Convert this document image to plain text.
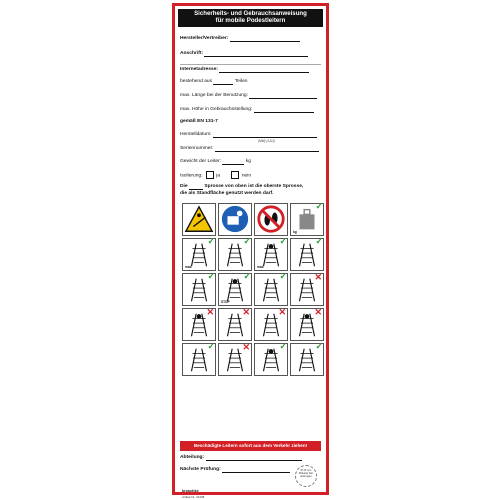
Sicherheits- und Gebrauchsanweisung
für mobile Podestleitern
Hersteller/Vertreiber:
Anschrift:
Internetadresse:
bestehend aus	Teilen
max. Länge bei der Benutzung:
max. Höhe in Gebrauchsstellung:
gemäß EN 131-7
Herstelldatum:
(MM) (JJJJ)
Seriennummer:
Gewicht der Leiter:	kg
Isolierung:	ja	nein
Die	Sprosse von oben ist die oberste Sprosse,
die als Standfläche genutzt werden darf.
kg
✓
max.
✓	✓
max.
✓	✓
✓
STOP
✓	✓	✕
✕	✕	✕	✕
✓	✕	✓	✓
Beschädigte Leitern sofort aus dem Verkehr ziehen!
Abteilung:
Nächste Prüfung:	Ø 15 mm Plakette hier anbringen
kroschke
Artikel-Nr. 41208
